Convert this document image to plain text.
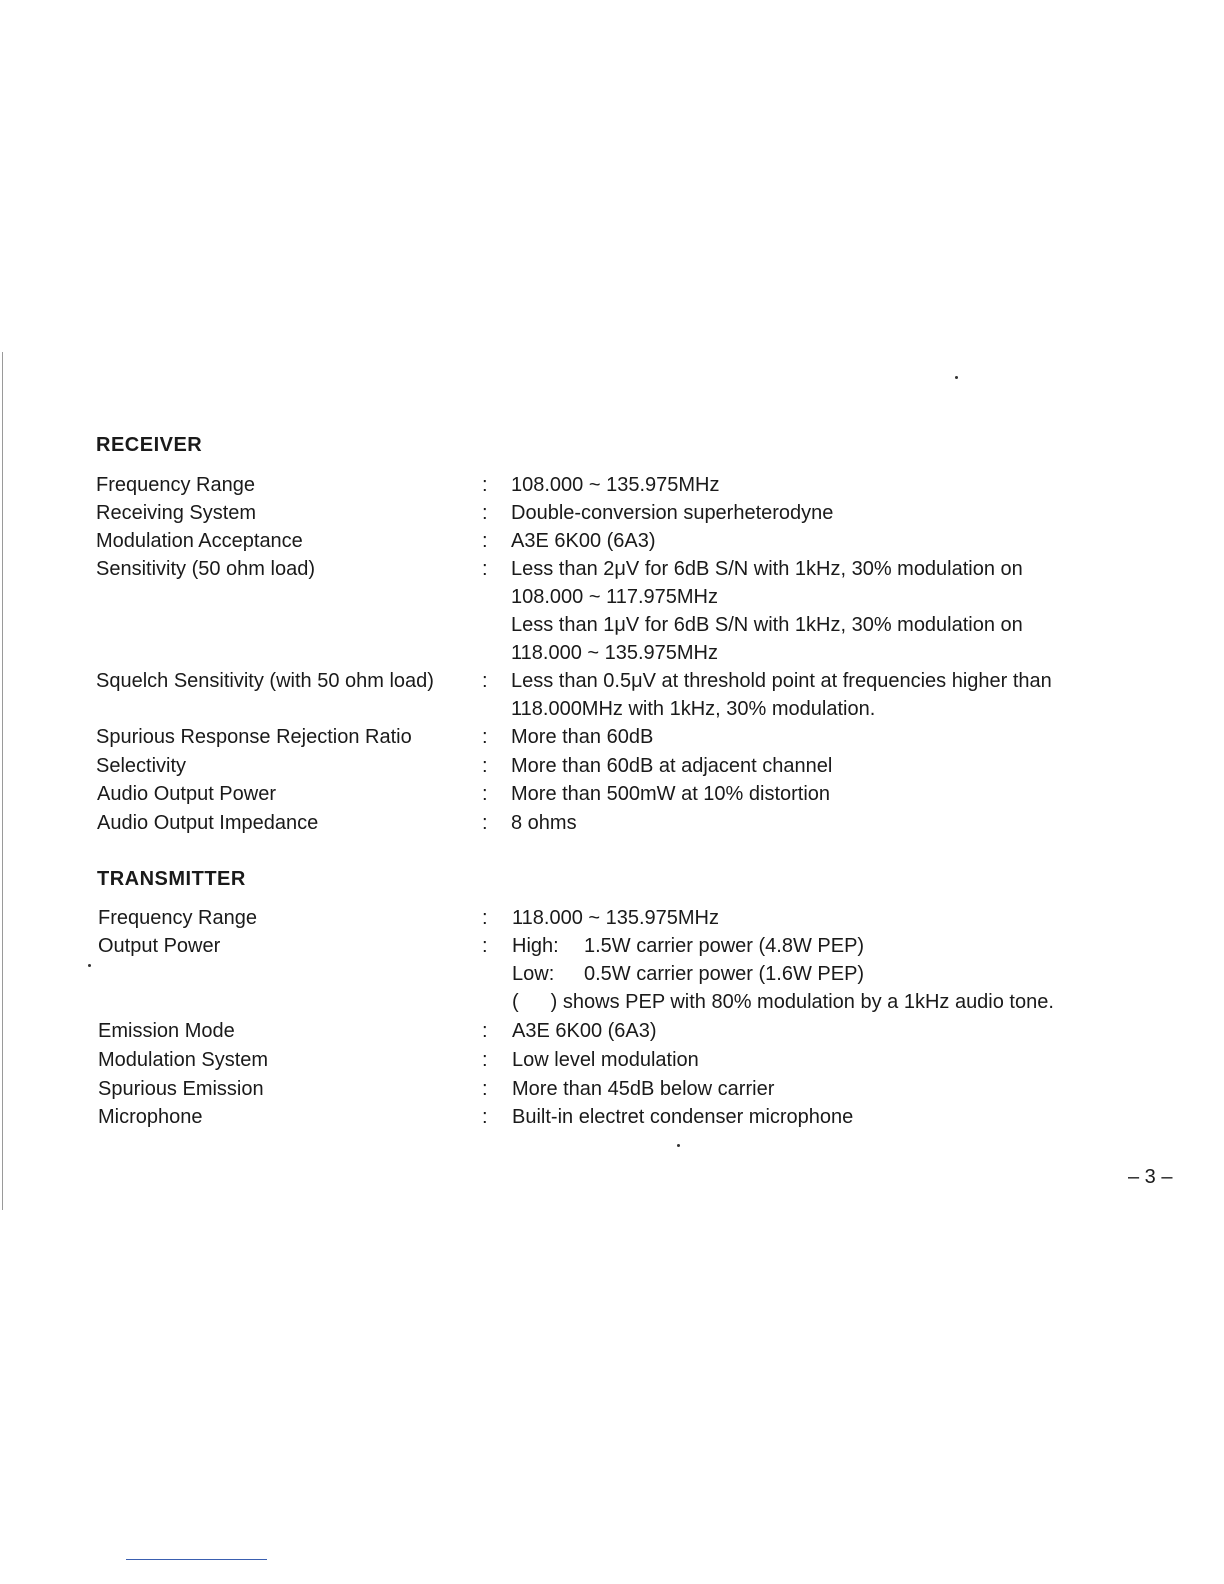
RECEIVER
Frequency Range	: 108.000 ~ 135.975MHz
Receiving System	: Double-conversion superheterodyne
Modulation Acceptance	: A3E 6K00 (6A3)
Sensitivity (50 ohm load)	: Less than 2μV for 6dB S/N with 1kHz, 30% modulation on
108.000 ~ 117.975MHz
Less than 1μV for 6dB S/N with 1kHz, 30% modulation on
118.000 ~ 135.975MHz
Squelch Sensitivity (with 50 ohm load) : Less than 0.5μV at threshold point at frequencies higher than
118.000MHz with 1kHz, 30% modulation.
Spurious Response Rejection Ratio	: More than 60dB
Selectivity	: More than 60dB at adjacent channel
Audio Output Power	: More than 500mW at 10% distortion
Audio Output Impedance	: 8 ohms
TRANSMITTER
Frequency Range	: 118.000 ~ 135.975MHz
Output Power	: High: 1.5W carrier power (4.8W PEP)
Low: 0.5W carrier power (1.6W PEP)
( ) shows PEP with 80% modulation by a 1kHz audio tone.
Emission Mode	: A3E 6K00 (6A3)
Modulation System	: Low level modulation
Spurious Emission	: More than 45dB below carrier
Microphone	: Built-in electret condenser microphone
– 3 –
